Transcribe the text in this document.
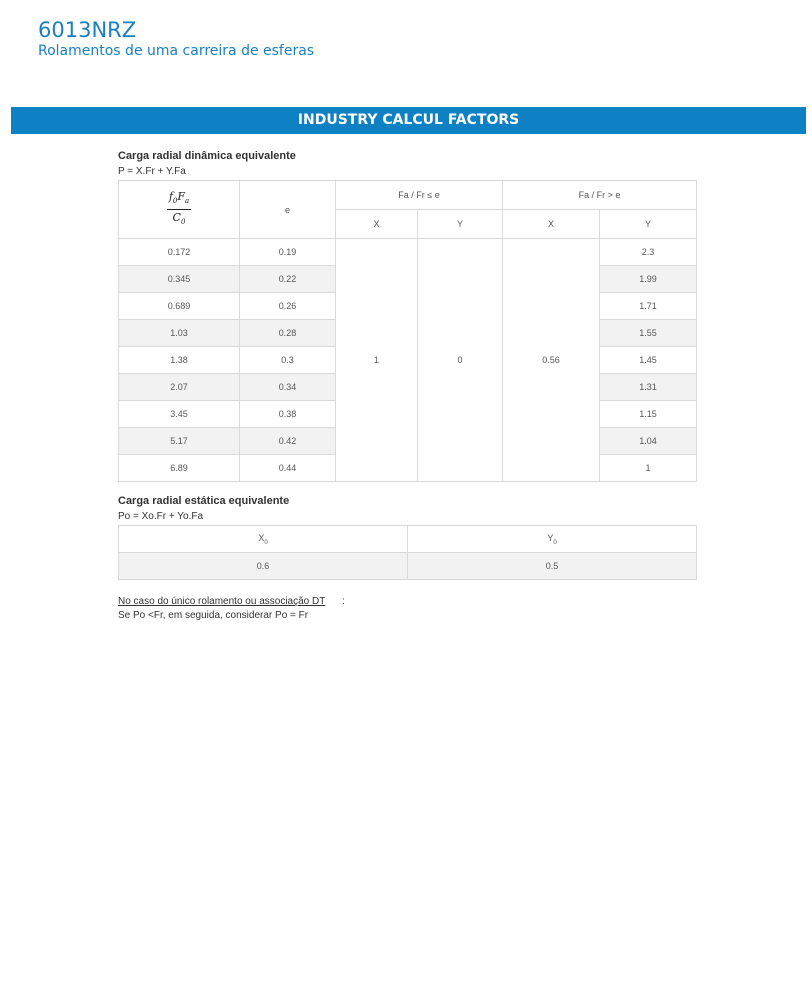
6013NRZ
Rolamentos de uma carreira de esferas
INDUSTRY CALCUL FACTORS
Carga radial dinâmica equivalente
P = X.Fr + Y.Fa
$\frac{f_0F_a}{C_0}$	e	Fa / Fr ≤ e		Fa / Fr > e	
		X	Y	X	Y
0.172	0.19	1	0	0.56	2.3
0.345	0.22				1.99
0.689	0.26				1.71
1.03	0.28				1.55
1.38	0.3				1.45
2.07	0.34				1.31
3.45	0.38				1.15
5.17	0.42				1.04
6.89	0.44				1
Carga radial estática equivalente
Po = Xo.Fr + Yo.Fa
$X_0$	$Y_0$
0.6	0.5
No caso do único rolamento ou associação DT :
Se Po <Fr, em seguida, considerar Po = Fr
